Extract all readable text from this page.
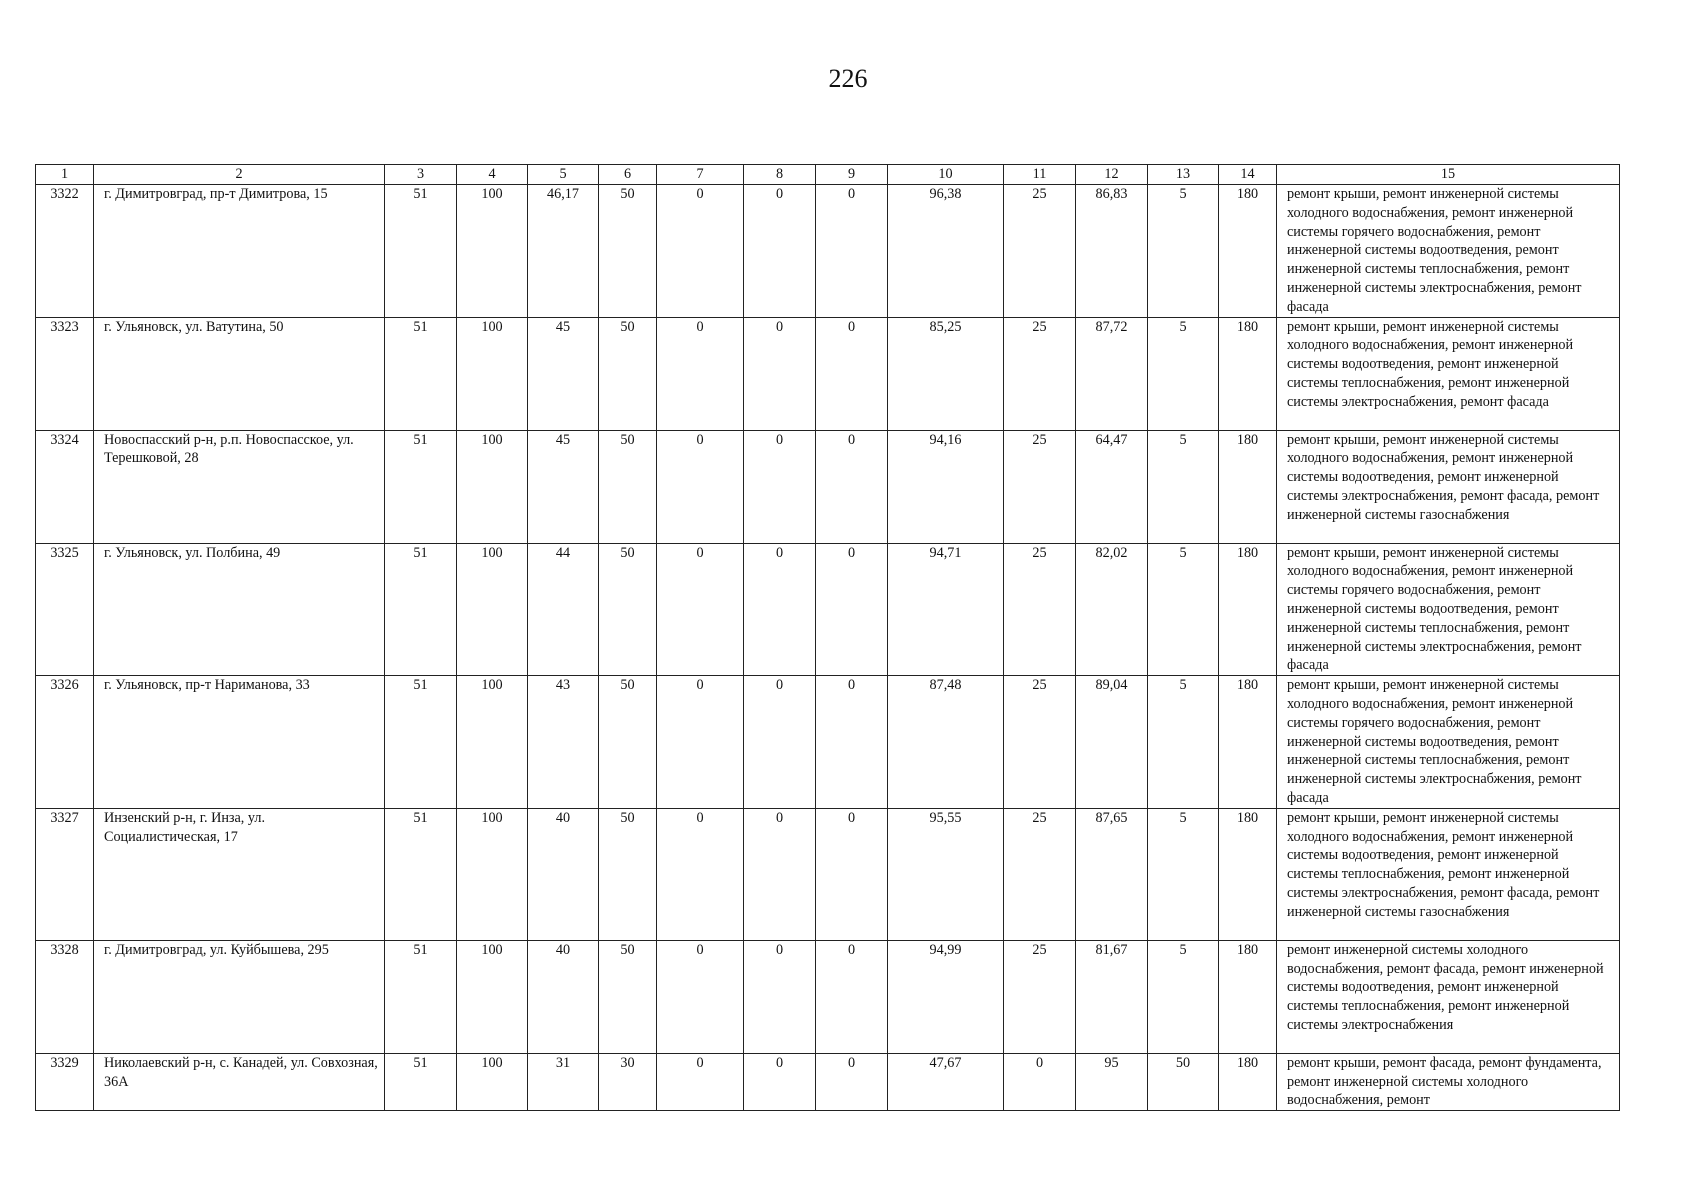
226
1	2	3	4	5	6	7	8	9	10	11	12	13	14	15
3322	г. Димитровград, пр-т Димитрова, 15	51	100	46,17	50	0	0	0	96,38	25	86,83	5	180	ремонт крыши, ремонт инженерной системы холодного водоснабжения, ремонт инженерной системы горячего водоснабжения, ремонт инженерной системы водоотведения, ремонт инженерной системы теплоснабжения, ремонт инженерной системы электроснабжения, ремонт фасада
3323	г. Ульяновск, ул. Ватутина, 50	51	100	45	50	0	0	0	85,25	25	87,72	5	180	ремонт крыши, ремонт инженерной системы холодного водоснабжения, ремонт инженерной системы водоотведения, ремонт инженерной системы теплоснабжения, ремонт инженерной системы электроснабжения, ремонт фасада
3324	Новоспасский р-н, р.п. Новоспасское, ул. Терешковой, 28	51	100	45	50	0	0	0	94,16	25	64,47	5	180	ремонт крыши, ремонт инженерной системы холодного водоснабжения, ремонт инженерной системы водоотведения, ремонт инженерной системы электроснабжения, ремонт фасада, ремонт инженерной системы газоснабжения
3325	г. Ульяновск, ул. Полбина, 49	51	100	44	50	0	0	0	94,71	25	82,02	5	180	ремонт крыши, ремонт инженерной системы холодного водоснабжения, ремонт инженерной системы горячего водоснабжения, ремонт инженерной системы водоотведения, ремонт инженерной системы теплоснабжения, ремонт инженерной системы электроснабжения, ремонт фасада
3326	г. Ульяновск, пр-т Нариманова, 33	51	100	43	50	0	0	0	87,48	25	89,04	5	180	ремонт крыши, ремонт инженерной системы холодного водоснабжения, ремонт инженерной системы горячего водоснабжения, ремонт инженерной системы водоотведения, ремонт инженерной системы теплоснабжения, ремонт инженерной системы электроснабжения, ремонт фасада
3327	Инзенский р-н, г. Инза, ул. Социалистическая, 17	51	100	40	50	0	0	0	95,55	25	87,65	5	180	ремонт крыши, ремонт инженерной системы холодного водоснабжения, ремонт инженерной системы водоотведения, ремонт инженерной системы теплоснабжения, ремонт инженерной системы электроснабжения, ремонт фасада, ремонт инженерной системы газоснабжения
3328	г. Димитровград, ул. Куйбышева, 295	51	100	40	50	0	0	0	94,99	25	81,67	5	180	ремонт инженерной системы холодного водоснабжения, ремонт фасада, ремонт инженерной системы водоотведения, ремонт инженерной системы теплоснабжения, ремонт инженерной системы электроснабжения
3329	Николаевский р-н, с. Канадей, ул. Совхозная, 36А	51	100	31	30	0	0	0	47,67	0	95	50	180	ремонт крыши, ремонт фасада, ремонт фундамента, ремонт инженерной системы холодного водоснабжения, ремонт
